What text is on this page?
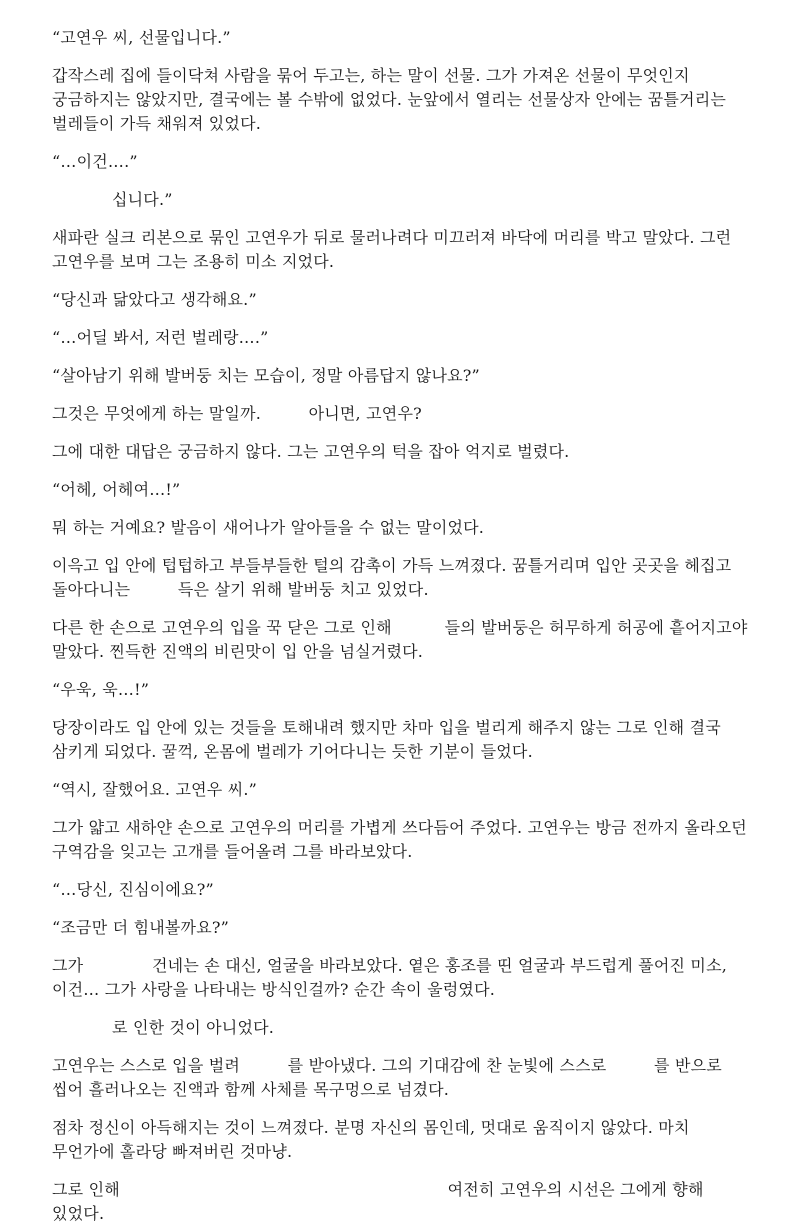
“고연우 씨, 선물입니다.”

갑작스레 집에 들이닥쳐 사람을 묶어 두고는, 하는 말이 선물. 그가 가져온 선물이 무엇인지 궁금하지는 않았지만, 결국에는 볼 수밖에 없었다. 눈앞에서 열리는 선물상자 안에는 꿈틀거리는 벌레들이 가득 채워져 있었다.

“…이건….”

십니다.”

새파란 실크 리본으로 묶인 고연우가 뒤로 물러나려다 미끄러져 바닥에 머리를 박고 말았다. 그런 고연우를 보며 그는 조용히 미소 지었다.

“당신과 닮았다고 생각해요.”

“…어딜 봐서, 저런 벌레랑….”

“살아남기 위해 발버둥 치는 모습이, 정말 아름답지 않나요?”

그것은 무엇에게 하는 말일까.         아니면, 고연우?

그에 대한 대답은 궁금하지 않다. 그는 고연우의 턱을 잡아 억지로 벌렸다.

“어헤, 어헤여…!”

뭐 하는 거예요? 발음이 새어나가 알아들을 수 없는 말이었다.

이윽고 입 안에 텁텁하고 부들부들한 털의 감촉이 가득 느껴졌다. 꿈틀거리며 입안 곳곳을 헤집고 돌아다니는         득은 살기 위해 발버둥 치고 있었다.

다른 한 손으로 고연우의 입을 꾹 닫은 그로 인해          들의 발버둥은 허무하게 허공에 흩어지고야 말았다. 찐득한 진액의 비린맛이 입 안을 넘실거렸다.

“우욱, 욱…!”

당장이라도 입 안에 있는 것들을 토해내려 했지만 차마 입을 벌리게 해주지 않는 그로 인해 결국 삼키게 되었다. 꿀꺽, 온몸에 벌레가 기어다니는 듯한 기분이 들었다.

“역시, 잘했어요. 고연우 씨.”

그가 얇고 새하얀 손으로 고연우의 머리를 가볍게 쓰다듬어 주었다. 고연우는 방금 전까지 올라오던 구역감을 잊고는 고개를 들어올려 그를 바라보았다.

“…당신, 진심이에요?”

“조금만 더 힘내볼까요?”

그가             건네는 손 대신, 얼굴을 바라보았다. 옅은 홍조를 띤 얼굴과 부드럽게 풀어진 미소, 이건… 그가 사랑을 나타내는 방식인걸까? 순간 속이 울렁였다.

로 인한 것이 아니었다.

고연우는 스스로 입을 벌려         를 받아냈다. 그의 기대감에 찬 눈빛에 스스로         를 반으로 씹어 흘러나오는 진액과 함께 사체를 목구멍으로 넘겼다.

점차 정신이 아득해지는 것이 느껴졌다. 분명 자신의 몸인데, 멋대로 움직이지 않았다. 마치 무언가에 홀라당 빠져버린 것마냥.

그로 인해                                                              여전히 고연우의 시선은 그에게 향해 있었다.
